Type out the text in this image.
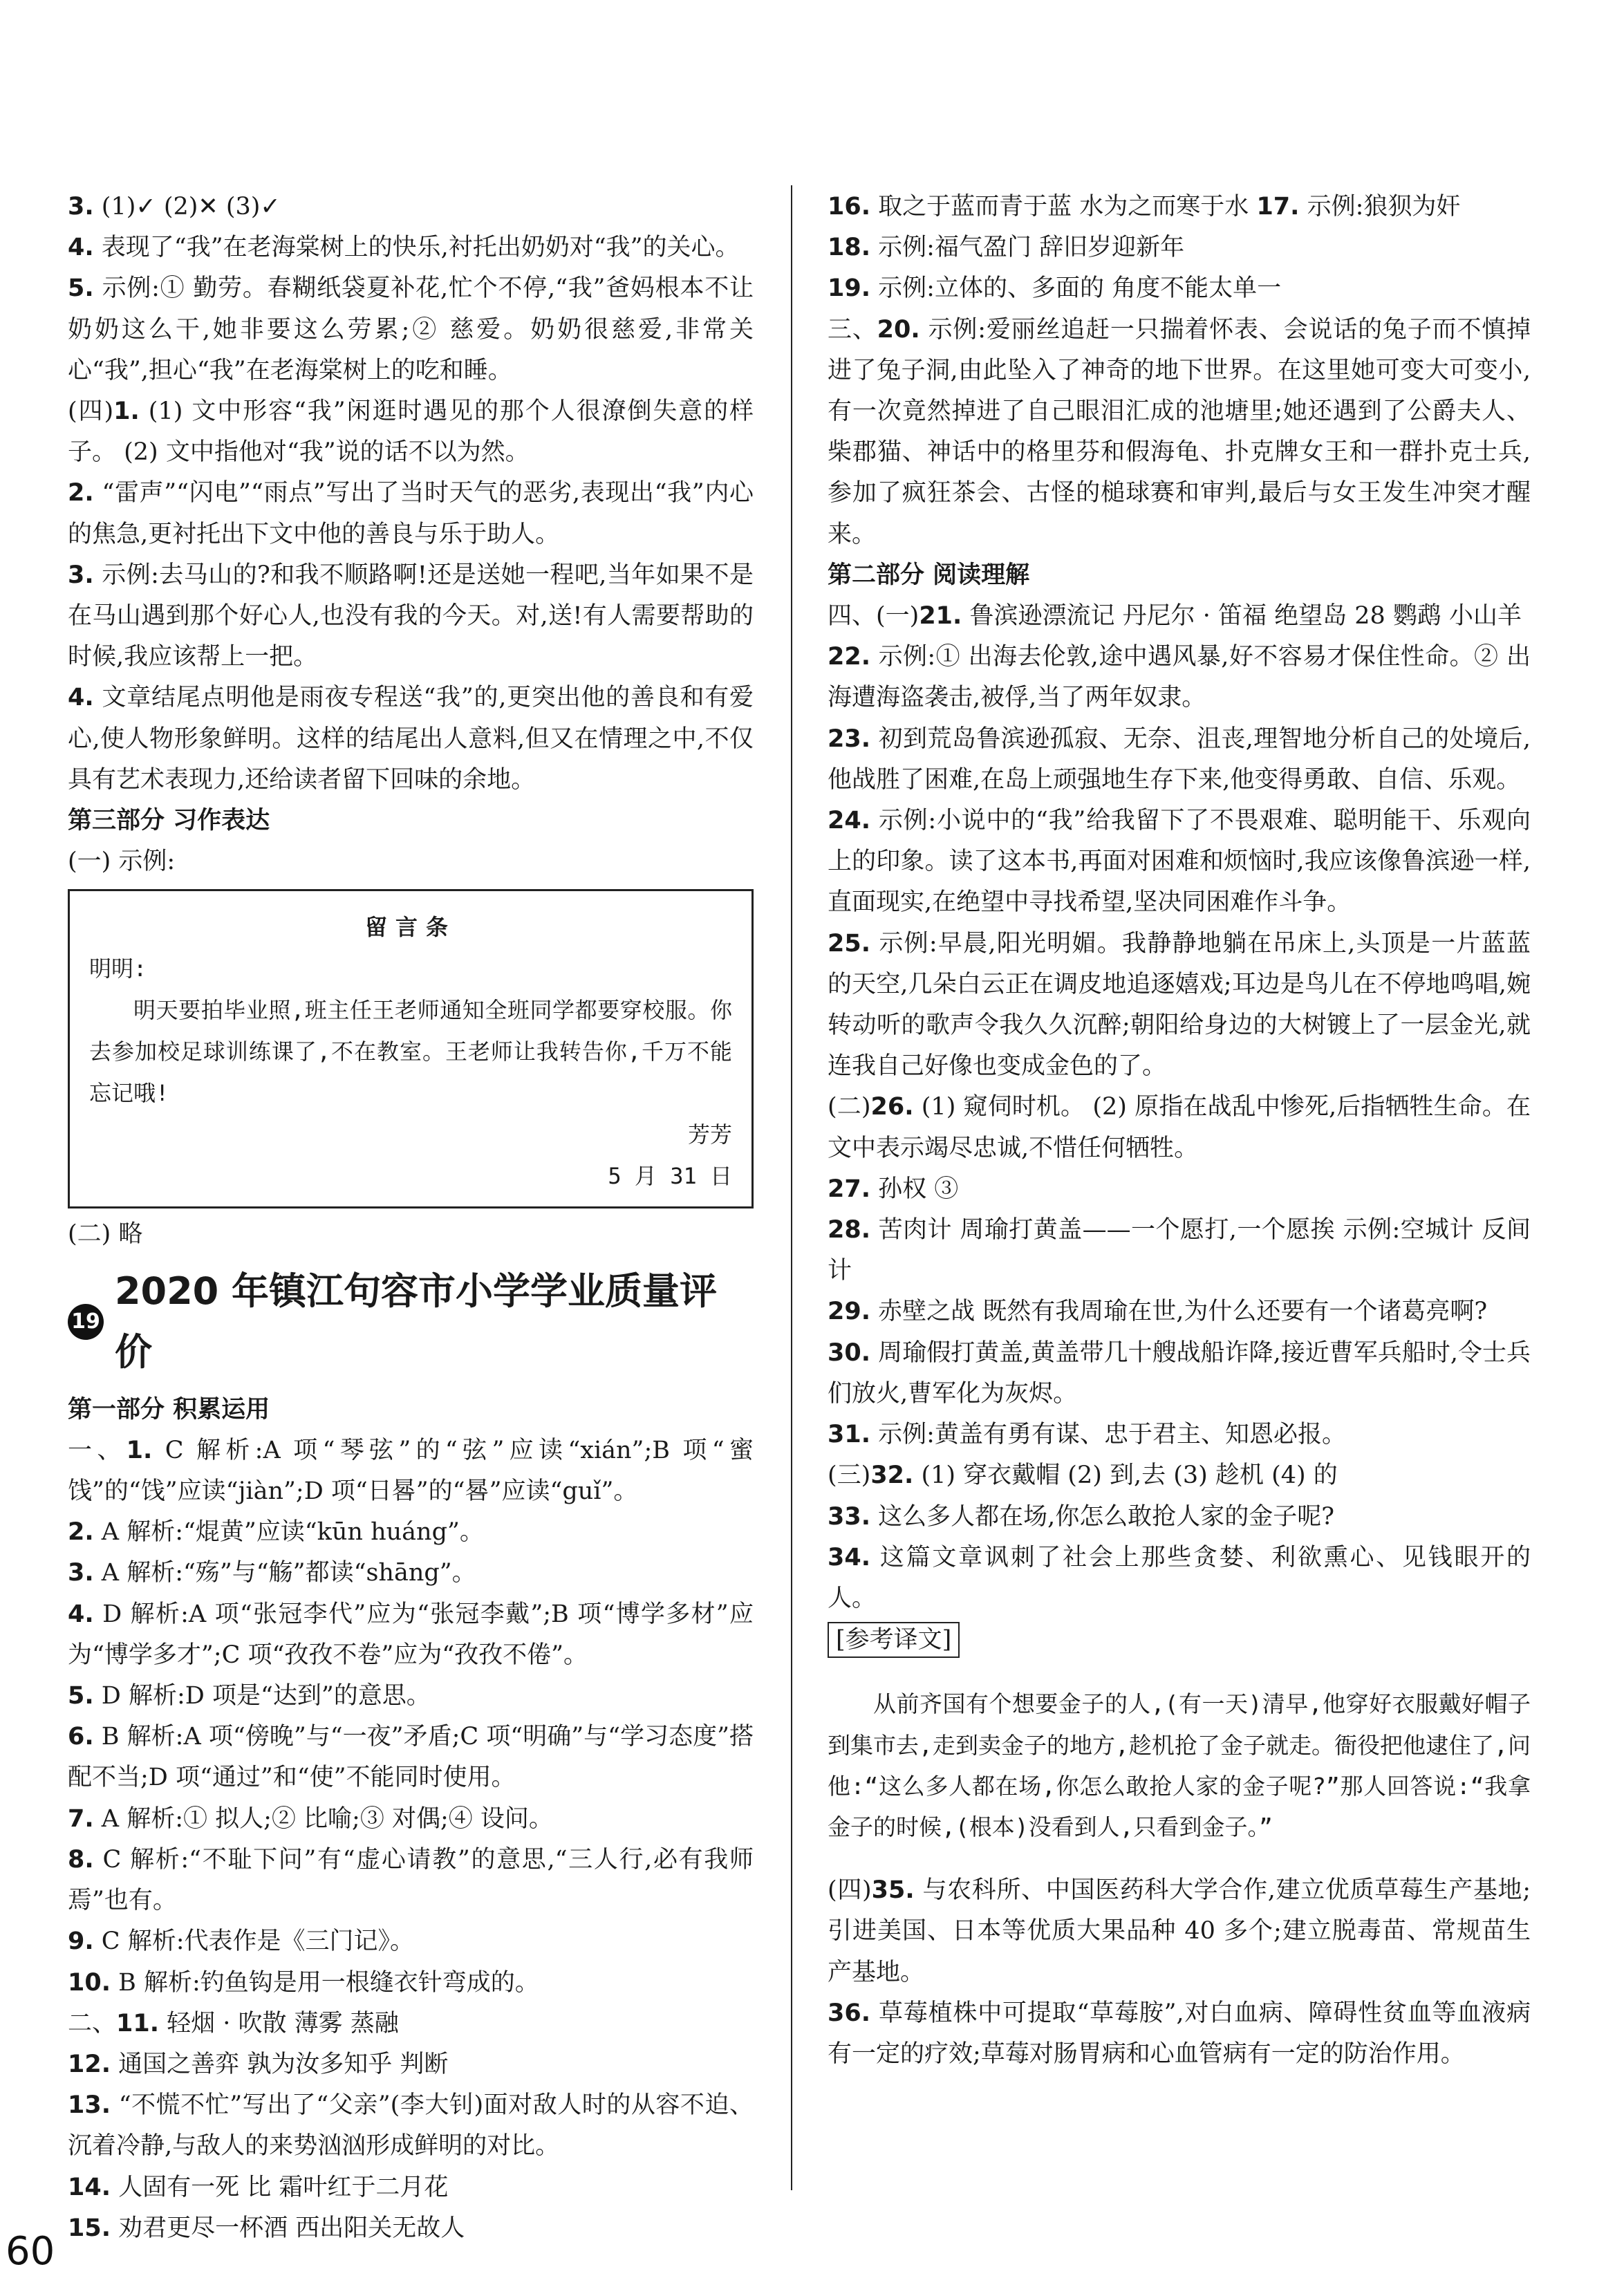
3. (1)✓ (2)✕ (3)✓

4. 表现了“我”在老海棠树上的快乐,衬托出奶奶对“我”的关心。

5. 示例:① 勤劳。春糊纸袋夏补花,忙个不停,“我”爸妈根本不让奶奶这么干,她非要这么劳累;② 慈爱。奶奶很慈爱,非常关心“我”,担心“我”在老海棠树上的吃和睡。

(四)1. (1) 文中形容“我”闲逛时遇见的那个人很潦倒失意的样子。 (2) 文中指他对“我”说的话不以为然。

2. “雷声”“闪电”“雨点”写出了当时天气的恶劣,表现出“我”内心的焦急,更衬托出下文中他的善良与乐于助人。

3. 示例:去马山的?和我不顺路啊!还是送她一程吧,当年如果不是在马山遇到那个好心人,也没有我的今天。对,送!有人需要帮助的时候,我应该帮上一把。

4. 文章结尾点明他是雨夜专程送“我”的,更突出他的善良和有爱心,使人物形象鲜明。这样的结尾出人意料,但又在情理之中,不仅具有艺术表现力,还给读者留下回味的余地。

第三部分 习作表达

(一) 示例:

留言条
明明:
明天要拍毕业照,班主任王老师通知全班同学都要穿校服。你去参加校足球训练课了,不在教室。王老师让我转告你,千万不能忘记哦!
芳芳
5 月 31 日

(二) 略

19
2020 年镇江句容市小学学业质量评价

第一部分 积累运用

一、1. C 解析:A 项“琴弦”的“弦”应读“xián”;B 项“蜜饯”的“饯”应读“jiàn”;D 项“日晷”的“晷”应读“guǐ”。

2. A 解析:“焜黄”应读“kūn huáng”。

3. A 解析:“殇”与“觞”都读“shāng”。

4. D 解析:A 项“张冠李代”应为“张冠李戴”;B 项“博学多材”应为“博学多才”;C 项“孜孜不卷”应为“孜孜不倦”。

5. D 解析:D 项是“达到”的意思。

6. B 解析:A 项“傍晚”与“一夜”矛盾;C 项“明确”与“学习态度”搭配不当;D 项“通过”和“使”不能同时使用。

7. A 解析:① 拟人;② 比喻;③ 对偶;④ 设问。

8. C 解析:“不耻下问”有“虚心请教”的意思,“三人行,必有我师焉”也有。

9. C 解析:代表作是《三门记》。

10. B 解析:钓鱼钩是用一根缝衣针弯成的。

二、11. 轻烟 · 吹散 薄雾 蒸融

12. 通国之善弈 孰为汝多知乎 判断

13. “不慌不忙”写出了“父亲”(李大钊)面对敌人时的从容不迫、沉着冷静,与敌人的来势汹汹形成鲜明的对比。

14. 人固有一死 比 霜叶红于二月花

15. 劝君更尽一杯酒 西出阳关无故人

16. 取之于蓝而青于蓝 水为之而寒于水 17. 示例:狼狈为奸

18. 示例:福气盈门 辞旧岁迎新年

19. 示例:立体的、多面的 角度不能太单一

三、20. 示例:爱丽丝追赶一只揣着怀表、会说话的兔子而不慎掉进了兔子洞,由此坠入了神奇的地下世界。在这里她可变大可变小,有一次竟然掉进了自己眼泪汇成的池塘里;她还遇到了公爵夫人、柴郡猫、神话中的格里芬和假海龟、扑克牌女王和一群扑克士兵,参加了疯狂茶会、古怪的槌球赛和审判,最后与女王发生冲突才醒来。

第二部分 阅读理解

四、(一)21. 鲁滨逊漂流记 丹尼尔 · 笛福 绝望岛 28 鹦鹉 小山羊

22. 示例:① 出海去伦敦,途中遇风暴,好不容易才保住性命。② 出海遭海盗袭击,被俘,当了两年奴隶。

23. 初到荒岛鲁滨逊孤寂、无奈、沮丧,理智地分析自己的处境后,他战胜了困难,在岛上顽强地生存下来,他变得勇敢、自信、乐观。

24. 示例:小说中的“我”给我留下了不畏艰难、聪明能干、乐观向上的印象。读了这本书,再面对困难和烦恼时,我应该像鲁滨逊一样,直面现实,在绝望中寻找希望,坚决同困难作斗争。

25. 示例:早晨,阳光明媚。我静静地躺在吊床上,头顶是一片蓝蓝的天空,几朵白云正在调皮地追逐嬉戏;耳边是鸟儿在不停地鸣唱,婉转动听的歌声令我久久沉醉;朝阳给身边的大树镀上了一层金光,就连我自己好像也变成金色的了。

(二)26. (1) 窥伺时机。 (2) 原指在战乱中惨死,后指牺牲生命。在文中表示竭尽忠诚,不惜任何牺牲。

27. 孙权 ③

28. 苦肉计 周瑜打黄盖——一个愿打,一个愿挨 示例:空城计 反间计

29. 赤壁之战 既然有我周瑜在世,为什么还要有一个诸葛亮啊?

30. 周瑜假打黄盖,黄盖带几十艘战船诈降,接近曹军兵船时,令士兵们放火,曹军化为灰烬。

31. 示例:黄盖有勇有谋、忠于君主、知恩必报。

(三)32. (1) 穿衣戴帽 (2) 到,去 (3) 趁机 (4) 的

33. 这么多人都在场,你怎么敢抢人家的金子呢?

34. 这篇文章讽刺了社会上那些贪婪、利欲熏心、见钱眼开的人。

[参考译文]

从前齐国有个想要金子的人,(有一天)清早,他穿好衣服戴好帽子到集市去,走到卖金子的地方,趁机抢了金子就走。衙役把他逮住了,问他:“这么多人都在场,你怎么敢抢人家的金子呢?”那人回答说:“我拿金子的时候,(根本)没看到人,只看到金子。”

(四)35. 与农科所、中国医药科大学合作,建立优质草莓生产基地;引进美国、日本等优质大果品种 40 多个;建立脱毒苗、常规苗生产基地。

36. 草莓植株中可提取“草莓胺”,对白血病、障碍性贫血等血液病有一定的疗效;草莓对肠胃病和心血管病有一定的防治作用。

60
